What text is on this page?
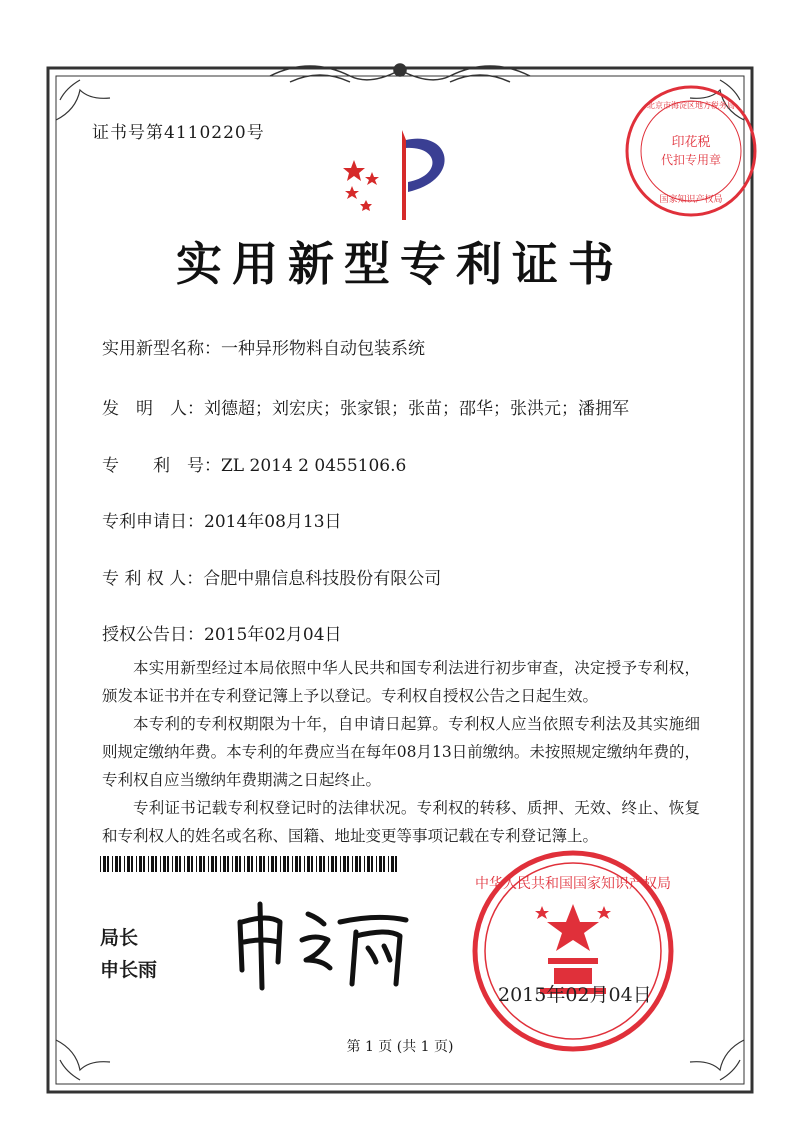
证书号第4110220号	印花税
代扣专用章
北京市海淀区地方税务局
国家知识产权局
实用新型专利证书
实用新型名称：一种异形物料自动包装系统
发　明　人：刘德超；刘宏庆；张家银；张苗；邵华；张洪元；潘拥军
专　　利　号：ZL 2014 2 0455106.6
专利申请日：2014年08月13日
专 利 权 人：合肥中鼎信息科技股份有限公司
授权公告日：2015年02月04日

本实用新型经过本局依照中华人民共和国专利法进行初步审查，决定授予专利权，颁发本证书并在专利登记簿上予以登记。专利权自授权公告之日起生效。

本专利的专利权期限为十年，自申请日起算。专利权人应当依照专利法及其实施细则规定缴纳年费。本专利的年费应当在每年08月13日前缴纳。未按照规定缴纳年费的，专利权自应当缴纳年费期满之日起终止。

专利证书记载专利权登记时的法律状况。专利权的转移、质押、无效、终止、恢复和专利权人的姓名或名称、国籍、地址变更等事项记载在专利登记簿上。

局长
申长雨
中华人民共和国国家知识产权局
2015年02月04日
第 1 页 (共 1 页)
